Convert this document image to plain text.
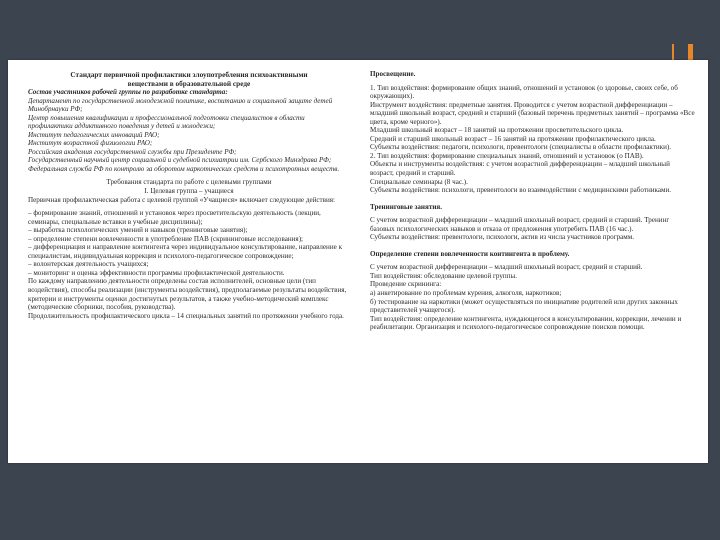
Стандарт первичной профилактики злоупотребления психоактивными
веществами в образовательной среде
Состав участников рабочей группы по разработке стандарта:
Департамент по государственной молодежной политике, воспитанию и социальной защите детей Минобрнауки РФ;
Центр повышения квалификации и профессиональной подготовки специалистов в области профилактики аддиктивного поведения у детей и молодежи;
Институт педагогических инноваций РАО;
Институт возрастной физиологии РАО;
Российская академия государственной службы при Президенте РФ;
Государственный научный центр социальной и судебной психиатрии им. Сербского Минздрава РФ;
Федеральная служба РФ по контролю за оборотом наркотических средств и психотропных веществ.
Требования стандарта по работе с целевыми группами
I. Целевая группа – учащиеся
Первичная профилактическая работа с целевой группой «Учащиеся» включает следующие действия:
– формирование знаний, отношений и установок через просветительскую деятельность (лекции, семинары, специальные вставки в учебные дисциплины);
– выработка психологических умений и навыков (тренинговые занятия);
– определение степени вовлеченности в употребление ПАВ (скрининговые исследования);
– дифференциация и направление контингента через индивидуальное консультирование, направление к специалистам, индивидуальная коррекция и психолого-педагогическое сопровождение;
– волонтерская деятельность учащихся;
– мониторинг и оценка эффективности программы профилактической деятельности.
По каждому направлению деятельности определены состав исполнителей, основные цели (тип воздействия), способы реализации (инструменты воздействия), предполагаемые результаты воздействия, критерии и инструменты оценки достигнутых результатов, а также учебно-методический комплекс (методические сборники, пособия, руководства).
Продолжительность профилактического цикла – 14 специальных занятий по протяжении учебного года.
Просвещение.
1. Тип воздействия: формирование общих знаний, отношений и установок (о здоровье, своих себе, об окружающих).
Инструмент воздействия: предметные занятия. Проводится с учетом возрастной дифференциации – младший школьный возраст, средний и старший (базовый перечень предметных занятий – программа «Все цвета, кроме черного»).
Младший школьный возраст – 18 занятий на протяжении просветительского цикла.
Средний и старший школьный возраст – 16 занятий на протяжении профилактического цикла.
Субъекты воздействия: педагоги, психологи, превентологи (специалисты в области профилактики).
2. Тип воздействия: формирование специальных знаний, отношений и установок (о ПАВ).
Объекты и инструменты воздействия: с учетом возрастной дифференциации – младший школьный возраст, средний и старший.
Специальные семинары (8 час.).
Субъекты воздействия: психологи, превентологи во взаимодействии с медицинскими работниками.
Тренинговые занятия.
С учетом возрастной дифференциации – младший школьный возраст, средний и старший. Тренинг базовых психологических навыков и отказа от предложения употребить ПАВ (16 час.).
Субъекты воздействия: превентологи, психологи, актив из числа участников программ.
Определение степени вовлеченности контингента в проблему.
С учетом возрастной дифференциации – младший школьный возраст, средний и старший.
Тип воздействия: обследование целевой группы.
Проведение скрининга:
а) анкетирование по проблемам курения, алкоголя, наркотиков;
б) тестирование на наркотики (может осуществляться по инициативе родителей или других законных представителей учащегося).
Тип воздействия: определение контингента, нуждающегося в консультировании, коррекции, лечении и реабилитации. Организация и психолого-педагогическое сопровождение поисков помощи.
